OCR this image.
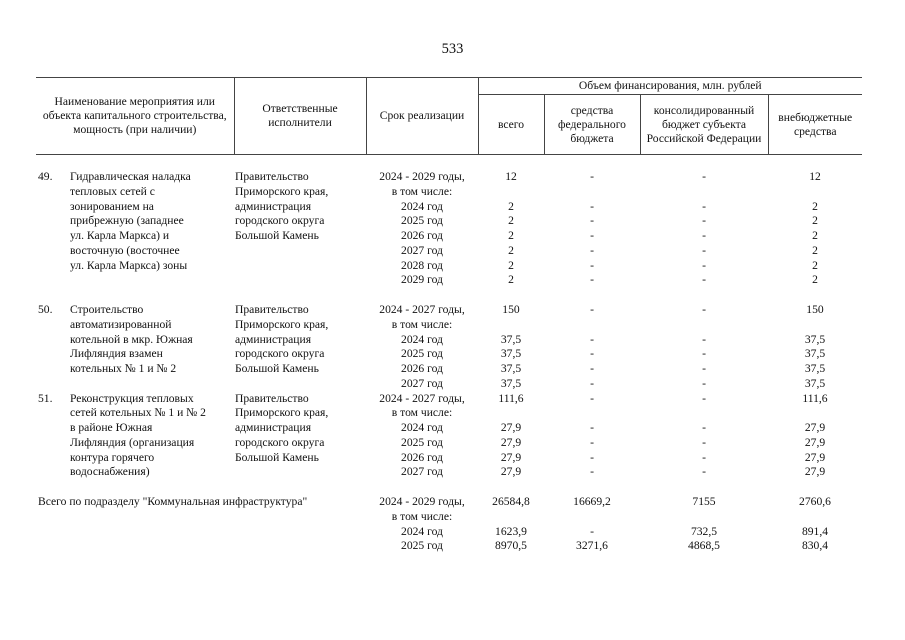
533
Наименование мероприятия или объекта капитального строительства, мощность (при наличии)		Ответственные исполнители	Срок реализации	Объем финансирования, млн. рублей			
				всего	средства федерального бюджета	консолидированный бюджет субъекта Российской Федерации	внебюджетные средства

49.	Гидравлическая наладка	Правительство	2024 - 2029 годы,	12	-	-	12
	тепловых сетей с	Приморского края,	в том числе:				
	зонированием на	администрация	2024 год	2	-	-	2
	прибрежную (западнее	городского округа	2025 год	2	-	-	2
	ул. Карла Маркса) и	Большой Камень	2026 год	2	-	-	2
	восточную (восточнее		2027 год	2	-	-	2
	ул. Карла Маркса) зоны		2028 год	2	-	-	2
			2029 год	2	-	-	2

50.	Строительство	Правительство	2024 - 2027 годы,	150	-	-	150
	автоматизированной	Приморского края,	в том числе:				
	котельной в мкр. Южная	администрация	2024 год	37,5	-	-	37,5
	Лифляндия взамен	городского округа	2025 год	37,5	-	-	37,5
	котельных № 1 и № 2	Большой Камень	2026 год	37,5	-	-	37,5
			2027 год	37,5	-	-	37,5
51.	Реконструкция тепловых	Правительство	2024 - 2027 годы,	111,6	-	-	111,6
	сетей котельных № 1 и № 2	Приморского края,	в том числе:				
	в районе Южная	администрация	2024 год	27,9	-	-	27,9
	Лифляндия (организация	городского округа	2025 год	27,9	-	-	27,9
	контура горячего	Большой Камень	2026 год	27,9	-	-	27,9
	водоснабжения)		2027 год	27,9	-	-	27,9

Всего по подразделу "Коммунальная инфраструктура"			2024 - 2029 годы,	26584,8	16669,2	7155	2760,6
			в том числе:				
			2024 год	1623,9	-	732,5	891,4
			2025 год	8970,5	3271,6	4868,5	830,4
